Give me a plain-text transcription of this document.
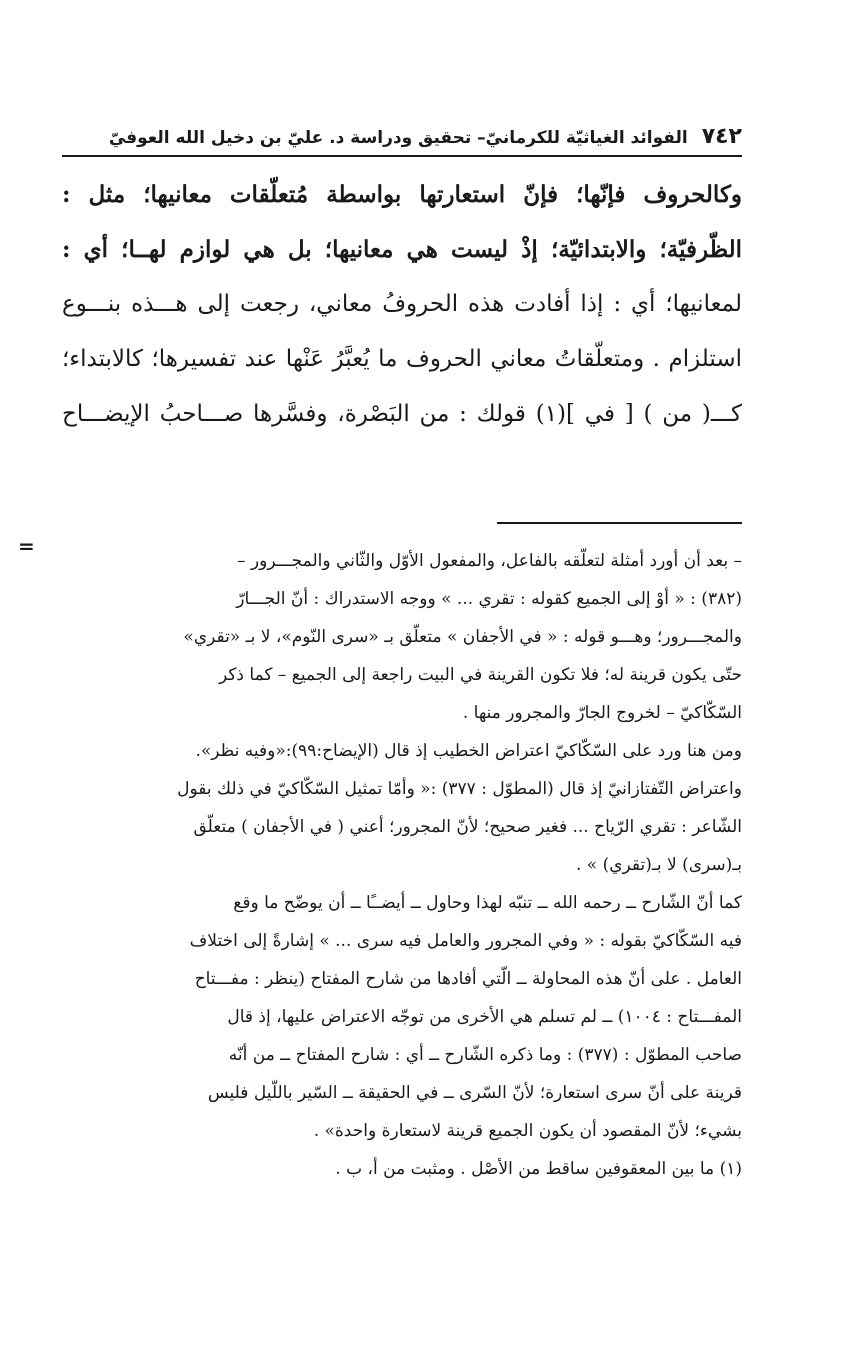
٧٤٢
الفوائد الغياثيّة للكرمانيّ– تحقيق ودراسة د. عليّ بن دخيل الله العوفيّ
وكالحروف فإنّها؛ فإنّ استعارتها بواسطة مُتعلّقات معانيها؛ مثل :
الظّرفيّة؛ والابتدائيّة؛ إذْ ليست هي معانيها؛ بل هي لوازم لهــا؛ أي :
لمعانيها؛ أي : إذا أفادت هذه الحروفُ معاني، رجعت إلى هـــذه بنـــوع
استلزام . ومتعلّقاتُ معاني الحروف ما يُعبَّرُ عَنْها عند تفسيرها؛ كالابتداء؛
كـــ( من ) [ في ](١) قولك : من البَصْرة، وفسَّرها صـــاحبُ الإيضـــاح
– بعد أن أورد أمثلة لتعلّقه بالفاعل، والمفعول الأوّل والثّاني والمجـــرور –
(٣٨٢) : « أوْ إلى الجميع كقوله : تقري ... » ووجه الاستدراك : أنّ الجـــارّ
والمجـــرور؛ وهـــو قوله : « في الأجفان » متعلّق بـ «سرى النّوم»، لا بـ «تقري»
حتّى يكون قرينة له؛ فلا تكون القرينة في البيت راجعة إلى الجميع – كما ذكر
السّكّاكيّ – لخروج الجارّ والمجرور منها .
ومن هنا ورد على السّكّاكيّ اعتراض الخطيب إذ قال (الإيضاح:٩٩):«وفيه نظر».
واعتراض التّفتازانيّ إذ قال (المطوّل : ٣٧٧) :« وأمّا تمثيل السّكّاكيّ في ذلك بقول
الشّاعر : تقري الرّياح ... فغير صحيح؛ لأنّ المجرور؛ أعني ( في الأجفان ) متعلّق
بـ(سرى) لا بـ(تقري) » .
كما أنّ الشّارح ــ رحمه الله ــ تنبّه لهذا وحاول ــ أيضــًا ــ أن يوضّح ما وقع
فيه السّكّاكيّ بقوله : « وفي المجرور والعامل فيه سرى ... » إشارةً إلى اختلاف
العامل . على أنّ هذه المحاولة ــ الّتي أفادها من شارح المفتاح (ينظر : مفـــتاح
المفـــتاح : ١٠٠٤) ــ لم تسلم هي الأخرى من توجّه الاعتراض عليها، إذ قال
صاحب المطوّل : (٣٧٧) : وما ذكره الشّارح ــ أي : شارح المفتاح ــ من أنّه
قرينة على أنّ سرى استعارة؛ لأنّ السّرى ــ في الحقيقة ــ السّير باللّيل فليس
بشيء؛ لأنّ المقصود أن يكون الجميع قرينة لاستعارة واحدة» .
(١) ما بين المعقوفين ساقط من الأصْل . ومثبت من أ، ب .
=
